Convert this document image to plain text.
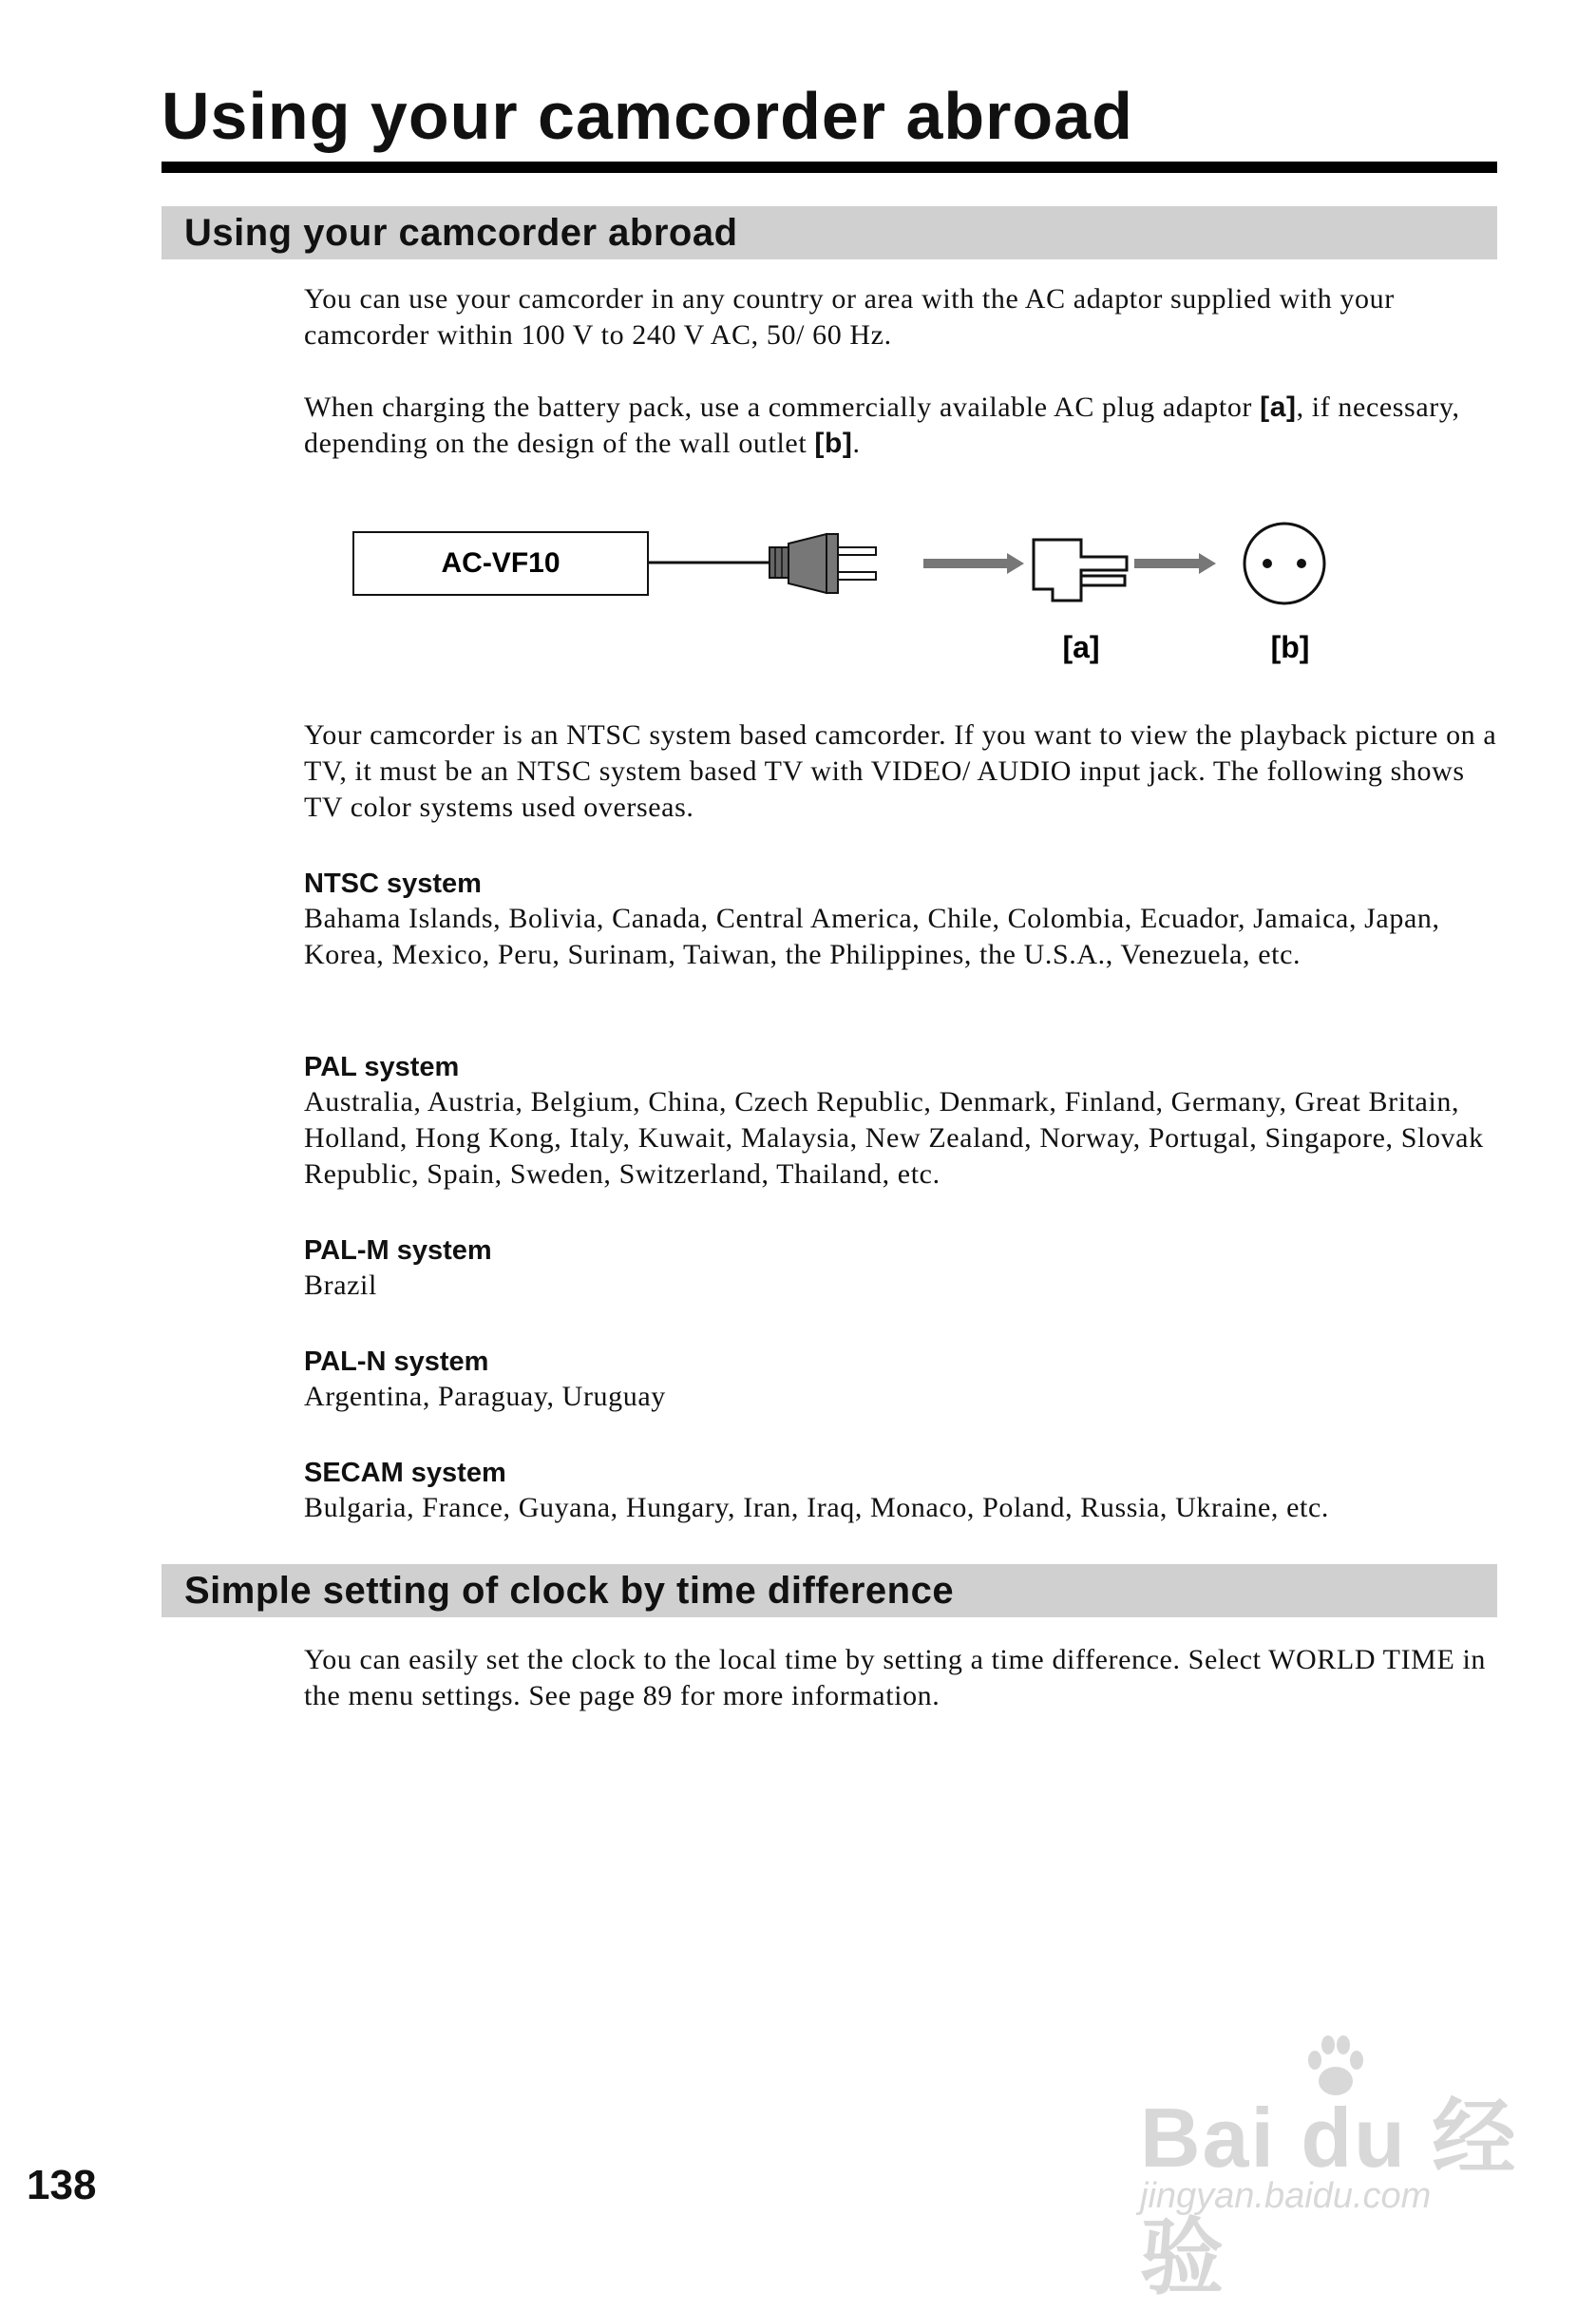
Using your camcorder abroad
Using your camcorder abroad

You can use your camcorder in any country or area with the AC adaptor supplied with your camcorder within 100 V to 240 V AC, 50/ 60 Hz.

When charging the battery pack, use a commercially available AC plug adaptor [a], if necessary, depending on the design of the wall outlet [b].

AC-VF10
[a]	[b]

Your camcorder is an NTSC system based camcorder. If you want to view the playback picture on a TV, it must be an NTSC system based TV with VIDEO/ AUDIO input jack. The following shows TV color systems used overseas.

NTSC system

Bahama Islands, Bolivia, Canada, Central America, Chile, Colombia, Ecuador, Jamaica, Japan, Korea, Mexico, Peru, Surinam, Taiwan, the Philippines, the U.S.A., Venezuela, etc.

PAL system

Australia, Austria, Belgium, China, Czech Republic, Denmark, Finland, Germany, Great Britain, Holland, Hong Kong, Italy, Kuwait, Malaysia, New Zealand, Norway, Portugal, Singapore, Slovak Republic, Spain, Sweden, Switzerland, Thailand, etc.

PAL-M system

Brazil

PAL-N system

Argentina, Paraguay, Uruguay

SECAM system

Bulgaria, France, Guyana, Hungary, Iran, Iraq, Monaco, Poland, Russia, Ukraine, etc.

Simple setting of clock by time difference

You can easily set the clock to the local time by setting a time difference. Select WORLD TIME in the menu settings. See page 89 for more information.

138
Bai du 经验
jingyan.baidu.com
